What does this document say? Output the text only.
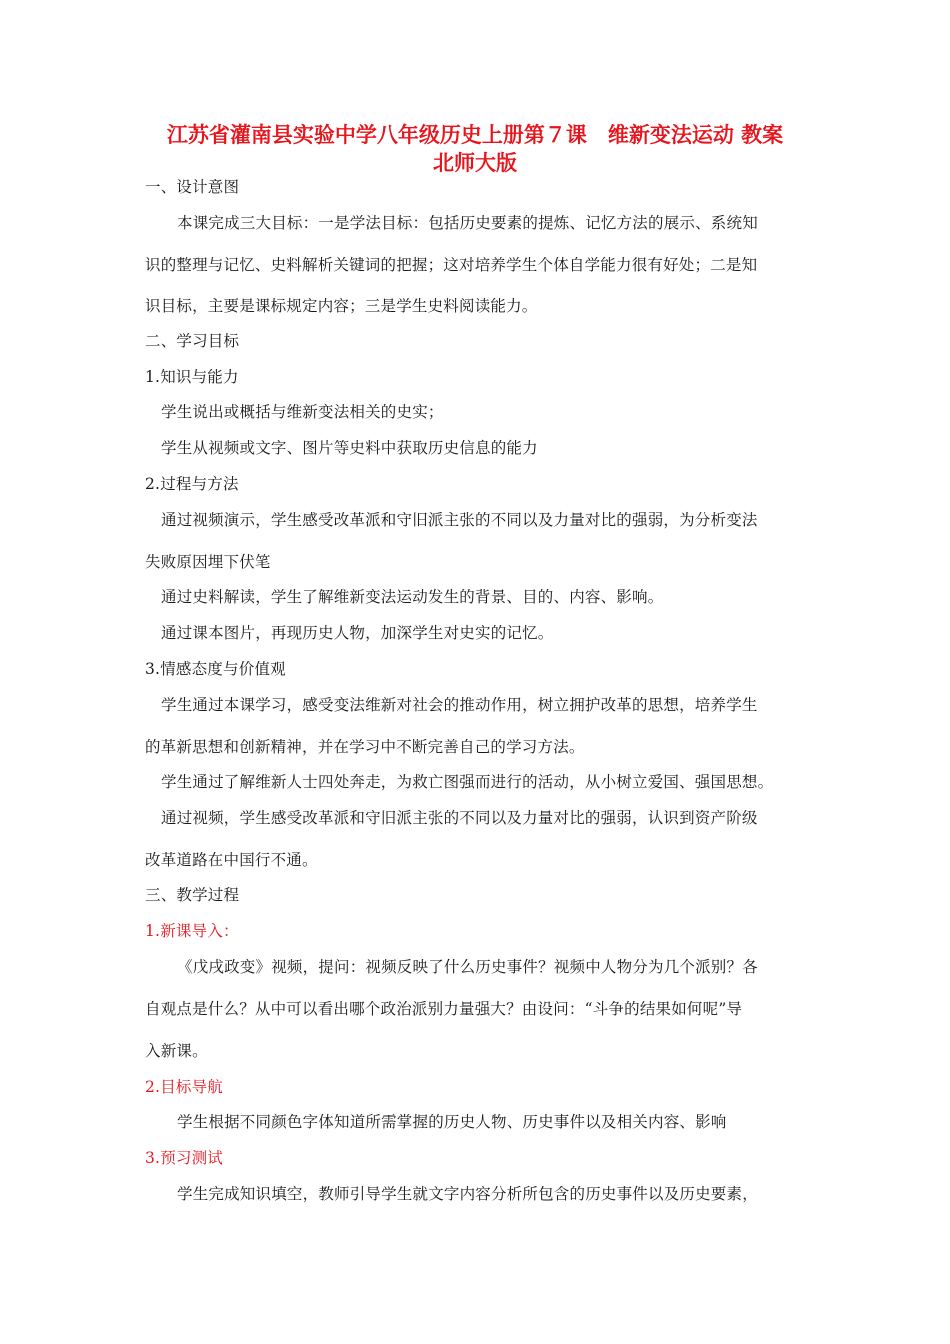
江苏省灌南县实验中学八年级历史上册第７课　维新变法运动 教案
北师大版
一、设计意图
本课完成三大目标：一是学法目标：包括历史要素的提炼、记忆方法的展示、系统知
识的整理与记忆、史料解析关键词的把握；这对培养学生个体自学能力很有好处；二是知
识目标，主要是课标规定内容；三是学生史料阅读能力。
二、学习目标
1.知识与能力
学生说出或概括与维新变法相关的史实；
学生从视频或文字、图片等史料中获取历史信息的能力
2.过程与方法
通过视频演示，学生感受改革派和守旧派主张的不同以及力量对比的强弱，为分析变法
失败原因埋下伏笔
通过史料解读，学生了解维新变法运动发生的背景、目的、内容、影响。
通过课本图片，再现历史人物，加深学生对史实的记忆。
3.情感态度与价值观
学生通过本课学习，感受变法维新对社会的推动作用，树立拥护改革的思想，培养学生
的革新思想和创新精神，并在学习中不断完善自己的学习方法。
学生通过了解维新人士四处奔走，为救亡图强而进行的活动，从小树立爱国、强国思想。
通过视频，学生感受改革派和守旧派主张的不同以及力量对比的强弱，认识到资产阶级
改革道路在中国行不通。
三、教学过程
1.新课导入：
《戊戌政变》视频，提问：视频反映了什么历史事件？视频中人物分为几个派别？各
自观点是什么？从中可以看出哪个政治派别力量强大？由设问：“斗争的结果如何呢”导
入新课。
2.目标导航
学生根据不同颜色字体知道所需掌握的历史人物、历史事件以及相关内容、影响
3.预习测试
学生完成知识填空，教师引导学生就文字内容分析所包含的历史事件以及历史要素，
